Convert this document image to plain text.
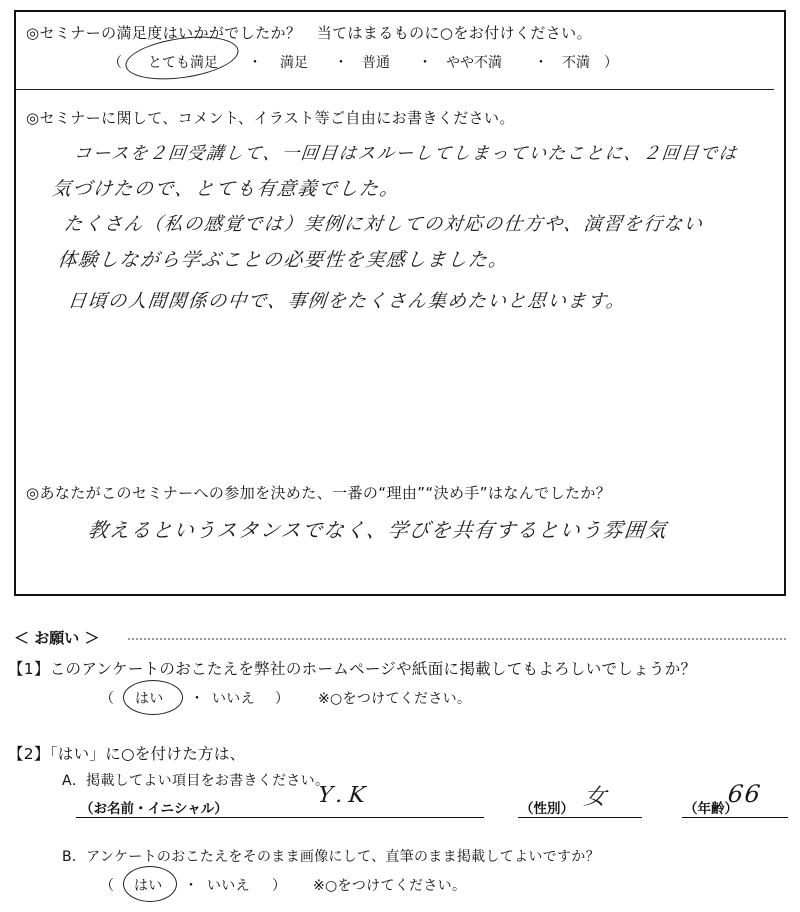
◎セミナーの満足度はいかがでしたか？　当てはまるものに○をお付けください。
（ とても満足 ・ 満足 ・ 普通 ・ やや不満 ・ 不満 ）
◎セミナーに関して、コメント、イラスト等ご自由にお書きください。
コースを２回受講して、一回目はスルーしてしまっていたことに、２回目では
気づけたので、とても有意義でした。
たくさん（私の感覚では）実例に対しての対応の仕方や、演習を行ない
体験しながら学ぶことの必要性を実感しました。
日頃の人間関係の中で、事例をたくさん集めたいと思います。
◎あなたがこのセミナーへの参加を決めた、一番の“理由”“決め手”はなんでしたか？
教えるというスタンスでなく、学びを共有するという雰囲気
＜ お願い ＞
【1】このアンケートのおこたえを弊社のホームページや紙面に掲載してもよろしいでしょうか？
（ はい ・ いいえ ） ※○をつけてください。
【2】「はい」に○を付けた方は、
A．掲載してよい項目をお書きください。
（お名前・イニシャル）
Y.K
（性別） 女	（年齢）
66
B．アンケートのおこたえをそのまま画像にして、直筆のまま掲載してよいですか？
（ はい ・ いいえ ） ※○をつけてください。
